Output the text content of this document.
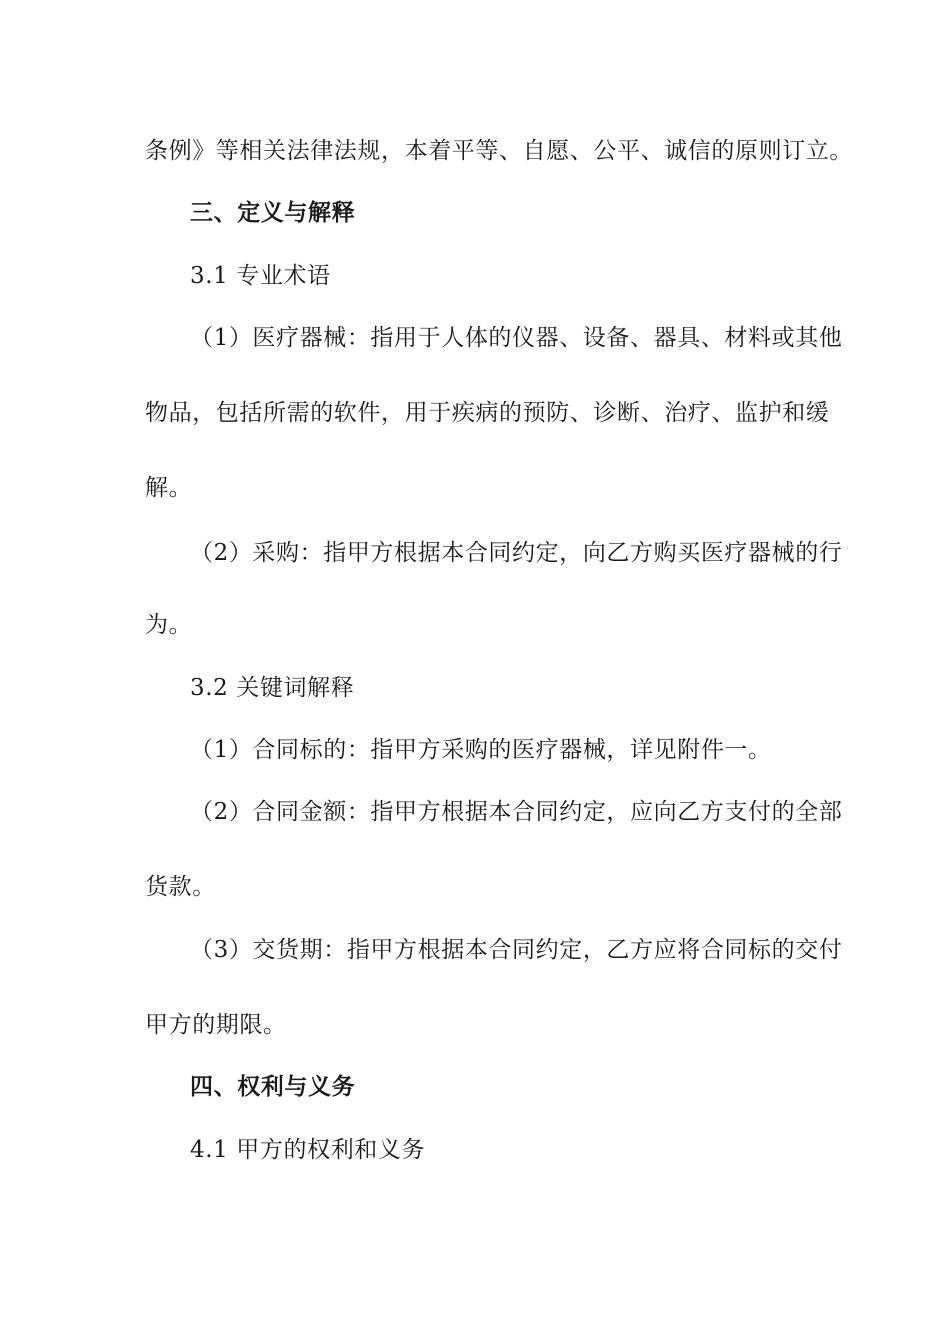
条例》等相关法律法规，本着平等、自愿、公平、诚信的原则订立。
三、定义与解释
3.1 专业术语
（1）医疗器械：指用于人体的仪器、设备、器具、材料或其他
物品，包括所需的软件，用于疾病的预防、诊断、治疗、监护和缓
解。
（2）采购：指甲方根据本合同约定，向乙方购买医疗器械的行
为。
3.2 关键词解释
（1）合同标的：指甲方采购的医疗器械，详见附件一。
（2）合同金额：指甲方根据本合同约定，应向乙方支付的全部
货款。
（3）交货期：指甲方根据本合同约定，乙方应将合同标的交付
甲方的期限。
四、权利与义务
4.1 甲方的权利和义务
